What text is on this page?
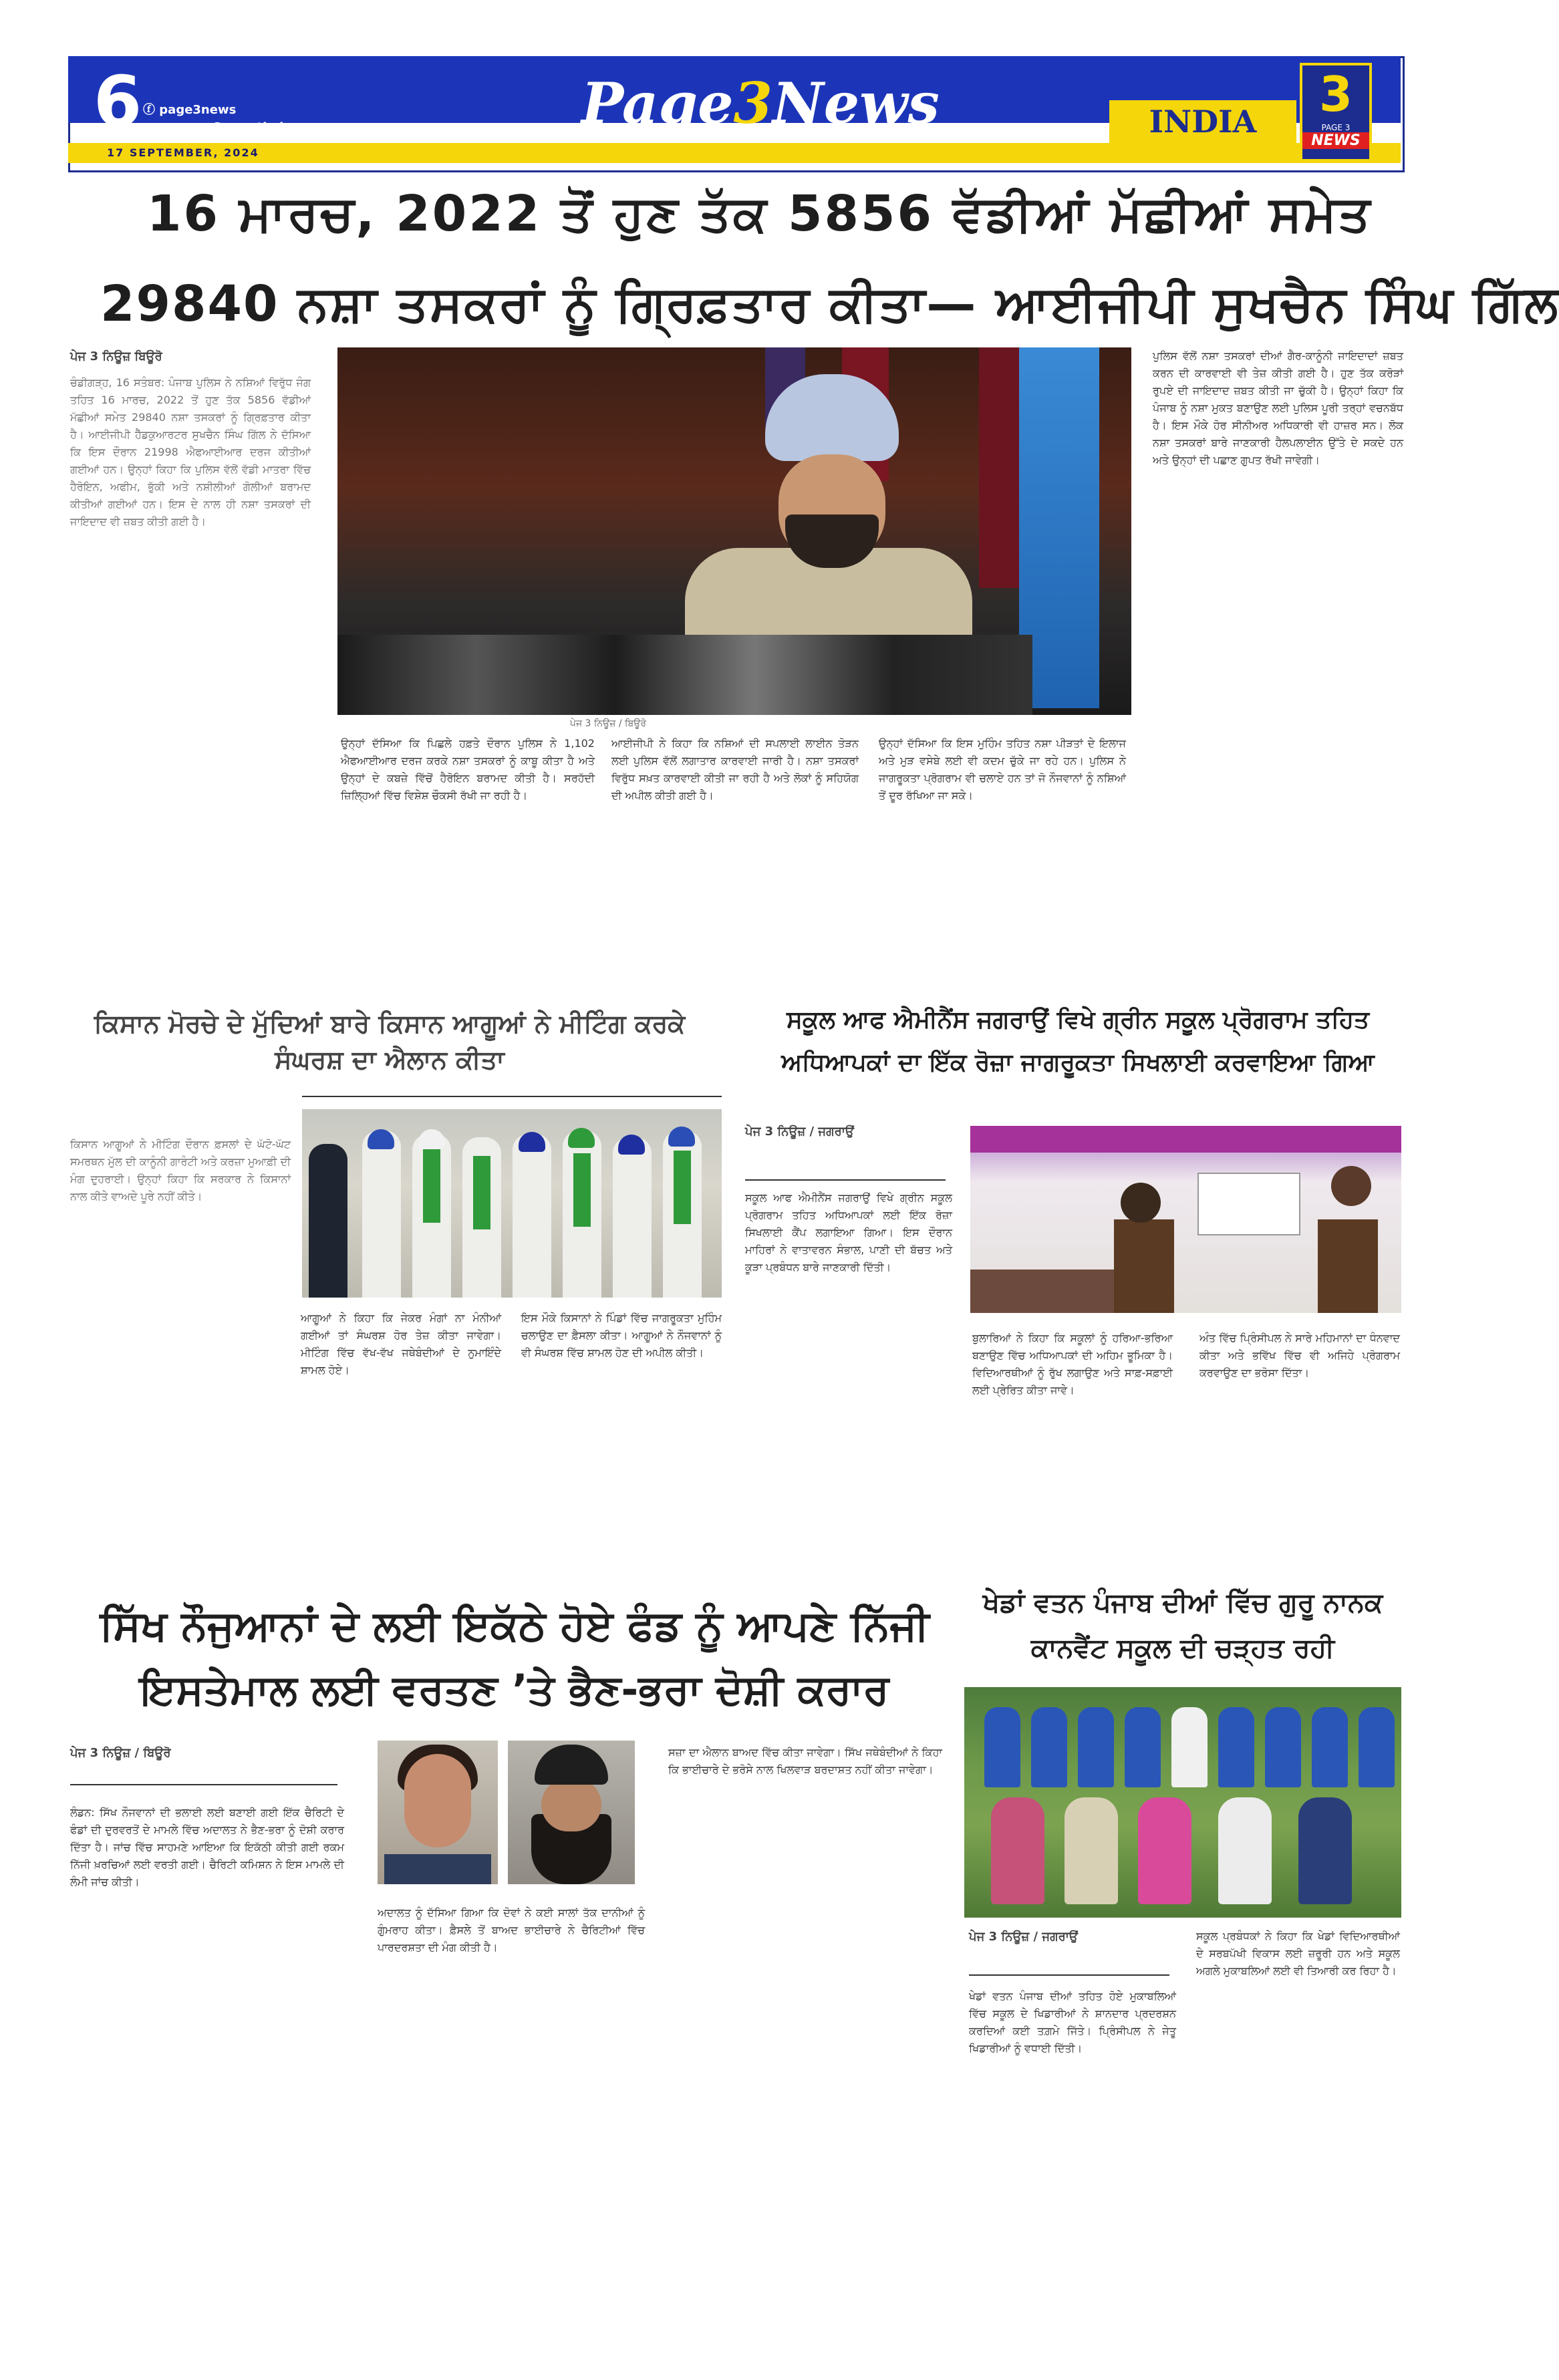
6 ⓕ page3news
www.page3newsthai.com
17 SEPTEMBER, 2024
Page3News	INDIA	3
PAGE 3
NEWS
16 ਮਾਰਚ, 2022 ਤੋਂ ਹੁਣ ਤੱਕ 5856 ਵੱਡੀਆਂ ਮੱਛੀਆਂ ਸਮੇਤ
29840 ਨਸ਼ਾ ਤਸਕਰਾਂ ਨੂੰ ਗ੍ਰਿਫ਼ਤਾਰ ਕੀਤਾ— ਆਈਜੀਪੀ ਸੁਖਚੈਨ ਸਿੰਘ ਗਿੱਲ
ਪੇਜ 3 ਨਿਊਜ਼ ਬਿਊਰੋ

ਚੰਡੀਗੜ੍ਹ, 16 ਸਤੰਬਰ: ਪੰਜਾਬ ਪੁਲਿਸ ਨੇ ਨਸ਼ਿਆਂ ਵਿਰੁੱਧ ਜੰਗ ਤਹਿਤ 16 ਮਾਰਚ, 2022 ਤੋਂ ਹੁਣ ਤੱਕ 5856 ਵੱਡੀਆਂ ਮੱਛੀਆਂ ਸਮੇਤ 29840 ਨਸ਼ਾ ਤਸਕਰਾਂ ਨੂੰ ਗ੍ਰਿਫ਼ਤਾਰ ਕੀਤਾ ਹੈ। ਆਈਜੀਪੀ ਹੈੱਡਕੁਆਰਟਰ ਸੁਖਚੈਨ ਸਿੰਘ ਗਿੱਲ ਨੇ ਦੱਸਿਆ ਕਿ ਇਸ ਦੌਰਾਨ 21998 ਐਫਆਈਆਰ ਦਰਜ ਕੀਤੀਆਂ ਗਈਆਂ ਹਨ। ਉਨ੍ਹਾਂ ਕਿਹਾ ਕਿ ਪੁਲਿਸ ਵੱਲੋਂ ਵੱਡੀ ਮਾਤਰਾ ਵਿੱਚ ਹੈਰੋਇਨ, ਅਫੀਮ, ਭੁੱਕੀ ਅਤੇ ਨਸ਼ੀਲੀਆਂ ਗੋਲੀਆਂ ਬਰਾਮਦ ਕੀਤੀਆਂ ਗਈਆਂ ਹਨ। ਇਸ ਦੇ ਨਾਲ ਹੀ ਨਸ਼ਾ ਤਸਕਰਾਂ ਦੀ ਜਾਇਦਾਦ ਵੀ ਜ਼ਬਤ ਕੀਤੀ ਗਈ ਹੈ।

ਪੇਜ 3 ਨਿਊਜ਼ / ਬਿਊਰੋ

ਉਨ੍ਹਾਂ ਦੱਸਿਆ ਕਿ ਪਿਛਲੇ ਹਫ਼ਤੇ ਦੌਰਾਨ ਪੁਲਿਸ ਨੇ 1,102 ਐਫਆਈਆਰ ਦਰਜ ਕਰਕੇ ਨਸ਼ਾ ਤਸਕਰਾਂ ਨੂੰ ਕਾਬੂ ਕੀਤਾ ਹੈ ਅਤੇ ਉਨ੍ਹਾਂ ਦੇ ਕਬਜ਼ੇ ਵਿੱਚੋਂ ਹੈਰੋਇਨ ਬਰਾਮਦ ਕੀਤੀ ਹੈ। ਸਰਹੱਦੀ ਜ਼ਿਲ੍ਹਿਆਂ ਵਿੱਚ ਵਿਸ਼ੇਸ਼ ਚੌਕਸੀ ਰੱਖੀ ਜਾ ਰਹੀ ਹੈ।

ਆਈਜੀਪੀ ਨੇ ਕਿਹਾ ਕਿ ਨਸ਼ਿਆਂ ਦੀ ਸਪਲਾਈ ਲਾਈਨ ਤੋੜਨ ਲਈ ਪੁਲਿਸ ਵੱਲੋਂ ਲਗਾਤਾਰ ਕਾਰਵਾਈ ਜਾਰੀ ਹੈ। ਨਸ਼ਾ ਤਸਕਰਾਂ ਵਿਰੁੱਧ ਸਖ਼ਤ ਕਾਰਵਾਈ ਕੀਤੀ ਜਾ ਰਹੀ ਹੈ ਅਤੇ ਲੋਕਾਂ ਨੂੰ ਸਹਿਯੋਗ ਦੀ ਅਪੀਲ ਕੀਤੀ ਗਈ ਹੈ।

ਉਨ੍ਹਾਂ ਦੱਸਿਆ ਕਿ ਇਸ ਮੁਹਿੰਮ ਤਹਿਤ ਨਸ਼ਾ ਪੀੜਤਾਂ ਦੇ ਇਲਾਜ ਅਤੇ ਮੁੜ ਵਸੇਬੇ ਲਈ ਵੀ ਕਦਮ ਚੁੱਕੇ ਜਾ ਰਹੇ ਹਨ। ਪੁਲਿਸ ਨੇ ਜਾਗਰੂਕਤਾ ਪ੍ਰੋਗਰਾਮ ਵੀ ਚਲਾਏ ਹਨ ਤਾਂ ਜੋ ਨੌਜਵਾਨਾਂ ਨੂੰ ਨਸ਼ਿਆਂ ਤੋਂ ਦੂਰ ਰੱਖਿਆ ਜਾ ਸਕੇ।

ਪੁਲਿਸ ਵੱਲੋਂ ਨਸ਼ਾ ਤਸਕਰਾਂ ਦੀਆਂ ਗੈਰ-ਕਾਨੂੰਨੀ ਜਾਇਦਾਦਾਂ ਜ਼ਬਤ ਕਰਨ ਦੀ ਕਾਰਵਾਈ ਵੀ ਤੇਜ਼ ਕੀਤੀ ਗਈ ਹੈ। ਹੁਣ ਤੱਕ ਕਰੋੜਾਂ ਰੁਪਏ ਦੀ ਜਾਇਦਾਦ ਜ਼ਬਤ ਕੀਤੀ ਜਾ ਚੁੱਕੀ ਹੈ। ਉਨ੍ਹਾਂ ਕਿਹਾ ਕਿ ਪੰਜਾਬ ਨੂੰ ਨਸ਼ਾ ਮੁਕਤ ਬਣਾਉਣ ਲਈ ਪੁਲਿਸ ਪੂਰੀ ਤਰ੍ਹਾਂ ਵਚਨਬੱਧ ਹੈ। ਇਸ ਮੌਕੇ ਹੋਰ ਸੀਨੀਅਰ ਅਧਿਕਾਰੀ ਵੀ ਹਾਜ਼ਰ ਸਨ। ਲੋਕ ਨਸ਼ਾ ਤਸਕਰਾਂ ਬਾਰੇ ਜਾਣਕਾਰੀ ਹੈਲਪਲਾਈਨ ਉੱਤੇ ਦੇ ਸਕਦੇ ਹਨ ਅਤੇ ਉਨ੍ਹਾਂ ਦੀ ਪਛਾਣ ਗੁਪਤ ਰੱਖੀ ਜਾਵੇਗੀ।

ਕਿਸਾਨ ਮੋਰਚੇ ਦੇ ਮੁੱਦਿਆਂ ਬਾਰੇ ਕਿਸਾਨ ਆਗੂਆਂ ਨੇ ਮੀਟਿੰਗ ਕਰਕੇ ਸੰਘਰਸ਼ ਦਾ ਐਲਾਨ ਕੀਤਾ

ਕਿਸਾਨ ਆਗੂਆਂ ਨੇ ਮੀਟਿੰਗ ਦੌਰਾਨ ਫ਼ਸਲਾਂ ਦੇ ਘੱਟੋ-ਘੱਟ ਸਮਰਥਨ ਮੁੱਲ ਦੀ ਕਾਨੂੰਨੀ ਗਾਰੰਟੀ ਅਤੇ ਕਰਜ਼ਾ ਮੁਆਫ਼ੀ ਦੀ ਮੰਗ ਦੁਹਰਾਈ। ਉਨ੍ਹਾਂ ਕਿਹਾ ਕਿ ਸਰਕਾਰ ਨੇ ਕਿਸਾਨਾਂ ਨਾਲ ਕੀਤੇ ਵਾਅਦੇ ਪੂਰੇ ਨਹੀਂ ਕੀਤੇ।

ਆਗੂਆਂ ਨੇ ਕਿਹਾ ਕਿ ਜੇਕਰ ਮੰਗਾਂ ਨਾ ਮੰਨੀਆਂ ਗਈਆਂ ਤਾਂ ਸੰਘਰਸ਼ ਹੋਰ ਤੇਜ਼ ਕੀਤਾ ਜਾਵੇਗਾ। ਮੀਟਿੰਗ ਵਿੱਚ ਵੱਖ-ਵੱਖ ਜਥੇਬੰਦੀਆਂ ਦੇ ਨੁਮਾਇੰਦੇ ਸ਼ਾਮਲ ਹੋਏ।

ਇਸ ਮੌਕੇ ਕਿਸਾਨਾਂ ਨੇ ਪਿੰਡਾਂ ਵਿੱਚ ਜਾਗਰੂਕਤਾ ਮੁਹਿੰਮ ਚਲਾਉਣ ਦਾ ਫ਼ੈਸਲਾ ਕੀਤਾ। ਆਗੂਆਂ ਨੇ ਨੌਜਵਾਨਾਂ ਨੂੰ ਵੀ ਸੰਘਰਸ਼ ਵਿੱਚ ਸ਼ਾਮਲ ਹੋਣ ਦੀ ਅਪੀਲ ਕੀਤੀ।

ਸਕੂਲ ਆਫ ਐਮੀਨੈਂਸ ਜਗਰਾਉਂ ਵਿਖੇ ਗ੍ਰੀਨ ਸਕੂਲ ਪ੍ਰੋਗਰਾਮ ਤਹਿਤ ਅਧਿਆਪਕਾਂ ਦਾ ਇੱਕ ਰੋਜ਼ਾ ਜਾਗਰੂਕਤਾ ਸਿਖਲਾਈ ਕਰਵਾਇਆ ਗਿਆ
ਪੇਜ 3 ਨਿਊਜ਼ / ਜਗਰਾਉਂ

ਸਕੂਲ ਆਫ ਐਮੀਨੈਂਸ ਜਗਰਾਉਂ ਵਿਖੇ ਗ੍ਰੀਨ ਸਕੂਲ ਪ੍ਰੋਗਰਾਮ ਤਹਿਤ ਅਧਿਆਪਕਾਂ ਲਈ ਇੱਕ ਰੋਜ਼ਾ ਸਿਖਲਾਈ ਕੈਂਪ ਲਗਾਇਆ ਗਿਆ। ਇਸ ਦੌਰਾਨ ਮਾਹਿਰਾਂ ਨੇ ਵਾਤਾਵਰਨ ਸੰਭਾਲ, ਪਾਣੀ ਦੀ ਬੱਚਤ ਅਤੇ ਕੂੜਾ ਪ੍ਰਬੰਧਨ ਬਾਰੇ ਜਾਣਕਾਰੀ ਦਿੱਤੀ।

ਬੁਲਾਰਿਆਂ ਨੇ ਕਿਹਾ ਕਿ ਸਕੂਲਾਂ ਨੂੰ ਹਰਿਆ-ਭਰਿਆ ਬਣਾਉਣ ਵਿੱਚ ਅਧਿਆਪਕਾਂ ਦੀ ਅਹਿਮ ਭੂਮਿਕਾ ਹੈ। ਵਿਦਿਆਰਥੀਆਂ ਨੂੰ ਰੁੱਖ ਲਗਾਉਣ ਅਤੇ ਸਾਫ਼-ਸਫ਼ਾਈ ਲਈ ਪ੍ਰੇਰਿਤ ਕੀਤਾ ਜਾਵੇ।

ਅੰਤ ਵਿੱਚ ਪ੍ਰਿੰਸੀਪਲ ਨੇ ਸਾਰੇ ਮਹਿਮਾਨਾਂ ਦਾ ਧੰਨਵਾਦ ਕੀਤਾ ਅਤੇ ਭਵਿੱਖ ਵਿੱਚ ਵੀ ਅਜਿਹੇ ਪ੍ਰੋਗਰਾਮ ਕਰਵਾਉਣ ਦਾ ਭਰੋਸਾ ਦਿੱਤਾ।

ਸਿੱਖ ਨੌਜੁਆਨਾਂ ਦੇ ਲਈ ਇਕੱਠੇ ਹੋਏ ਫੰਡ ਨੂੰ ਆਪਣੇ ਨਿੱਜੀ ਇਸਤੇਮਾਲ ਲਈ ਵਰਤਣ ’ਤੇ ਭੈਣ-ਭਰਾ ਦੋਸ਼ੀ ਕਰਾਰ
ਪੇਜ 3 ਨਿਊਜ਼ / ਬਿਊਰੋ

ਲੰਡਨ: ਸਿੱਖ ਨੌਜਵਾਨਾਂ ਦੀ ਭਲਾਈ ਲਈ ਬਣਾਈ ਗਈ ਇੱਕ ਚੈਰਿਟੀ ਦੇ ਫੰਡਾਂ ਦੀ ਦੁਰਵਰਤੋਂ ਦੇ ਮਾਮਲੇ ਵਿੱਚ ਅਦਾਲਤ ਨੇ ਭੈਣ-ਭਰਾ ਨੂੰ ਦੋਸ਼ੀ ਕਰਾਰ ਦਿੱਤਾ ਹੈ। ਜਾਂਚ ਵਿੱਚ ਸਾਹਮਣੇ ਆਇਆ ਕਿ ਇਕੱਠੀ ਕੀਤੀ ਗਈ ਰਕਮ ਨਿੱਜੀ ਖ਼ਰਚਿਆਂ ਲਈ ਵਰਤੀ ਗਈ। ਚੈਰਿਟੀ ਕਮਿਸ਼ਨ ਨੇ ਇਸ ਮਾਮਲੇ ਦੀ ਲੰਮੀ ਜਾਂਚ ਕੀਤੀ।

ਅਦਾਲਤ ਨੂੰ ਦੱਸਿਆ ਗਿਆ ਕਿ ਦੋਵਾਂ ਨੇ ਕਈ ਸਾਲਾਂ ਤੱਕ ਦਾਨੀਆਂ ਨੂੰ ਗੁੰਮਰਾਹ ਕੀਤਾ। ਫ਼ੈਸਲੇ ਤੋਂ ਬਾਅਦ ਭਾਈਚਾਰੇ ਨੇ ਚੈਰਿਟੀਆਂ ਵਿੱਚ ਪਾਰਦਰਸ਼ਤਾ ਦੀ ਮੰਗ ਕੀਤੀ ਹੈ।

ਸਜ਼ਾ ਦਾ ਐਲਾਨ ਬਾਅਦ ਵਿੱਚ ਕੀਤਾ ਜਾਵੇਗਾ। ਸਿੱਖ ਜਥੇਬੰਦੀਆਂ ਨੇ ਕਿਹਾ ਕਿ ਭਾਈਚਾਰੇ ਦੇ ਭਰੋਸੇ ਨਾਲ ਖਿਲਵਾੜ ਬਰਦਾਸ਼ਤ ਨਹੀਂ ਕੀਤਾ ਜਾਵੇਗਾ।

ਖੇਡਾਂ ਵਤਨ ਪੰਜਾਬ ਦੀਆਂ ਵਿੱਚ ਗੁਰੂ ਨਾਨਕ ਕਾਨਵੈਂਟ ਸਕੂਲ ਦੀ ਚੜ੍ਹਤ ਰਹੀ
ਪੇਜ 3 ਨਿਊਜ਼ / ਜਗਰਾਉਂ

ਖੇਡਾਂ ਵਤਨ ਪੰਜਾਬ ਦੀਆਂ ਤਹਿਤ ਹੋਏ ਮੁਕਾਬਲਿਆਂ ਵਿੱਚ ਸਕੂਲ ਦੇ ਖਿਡਾਰੀਆਂ ਨੇ ਸ਼ਾਨਦਾਰ ਪ੍ਰਦਰਸ਼ਨ ਕਰਦਿਆਂ ਕਈ ਤਗ਼ਮੇ ਜਿੱਤੇ। ਪ੍ਰਿੰਸੀਪਲ ਨੇ ਜੇਤੂ ਖਿਡਾਰੀਆਂ ਨੂੰ ਵਧਾਈ ਦਿੱਤੀ।

ਸਕੂਲ ਪ੍ਰਬੰਧਕਾਂ ਨੇ ਕਿਹਾ ਕਿ ਖੇਡਾਂ ਵਿਦਿਆਰਥੀਆਂ ਦੇ ਸਰਬਪੱਖੀ ਵਿਕਾਸ ਲਈ ਜ਼ਰੂਰੀ ਹਨ ਅਤੇ ਸਕੂਲ ਅਗਲੇ ਮੁਕਾਬਲਿਆਂ ਲਈ ਵੀ ਤਿਆਰੀ ਕਰ ਰਿਹਾ ਹੈ।
